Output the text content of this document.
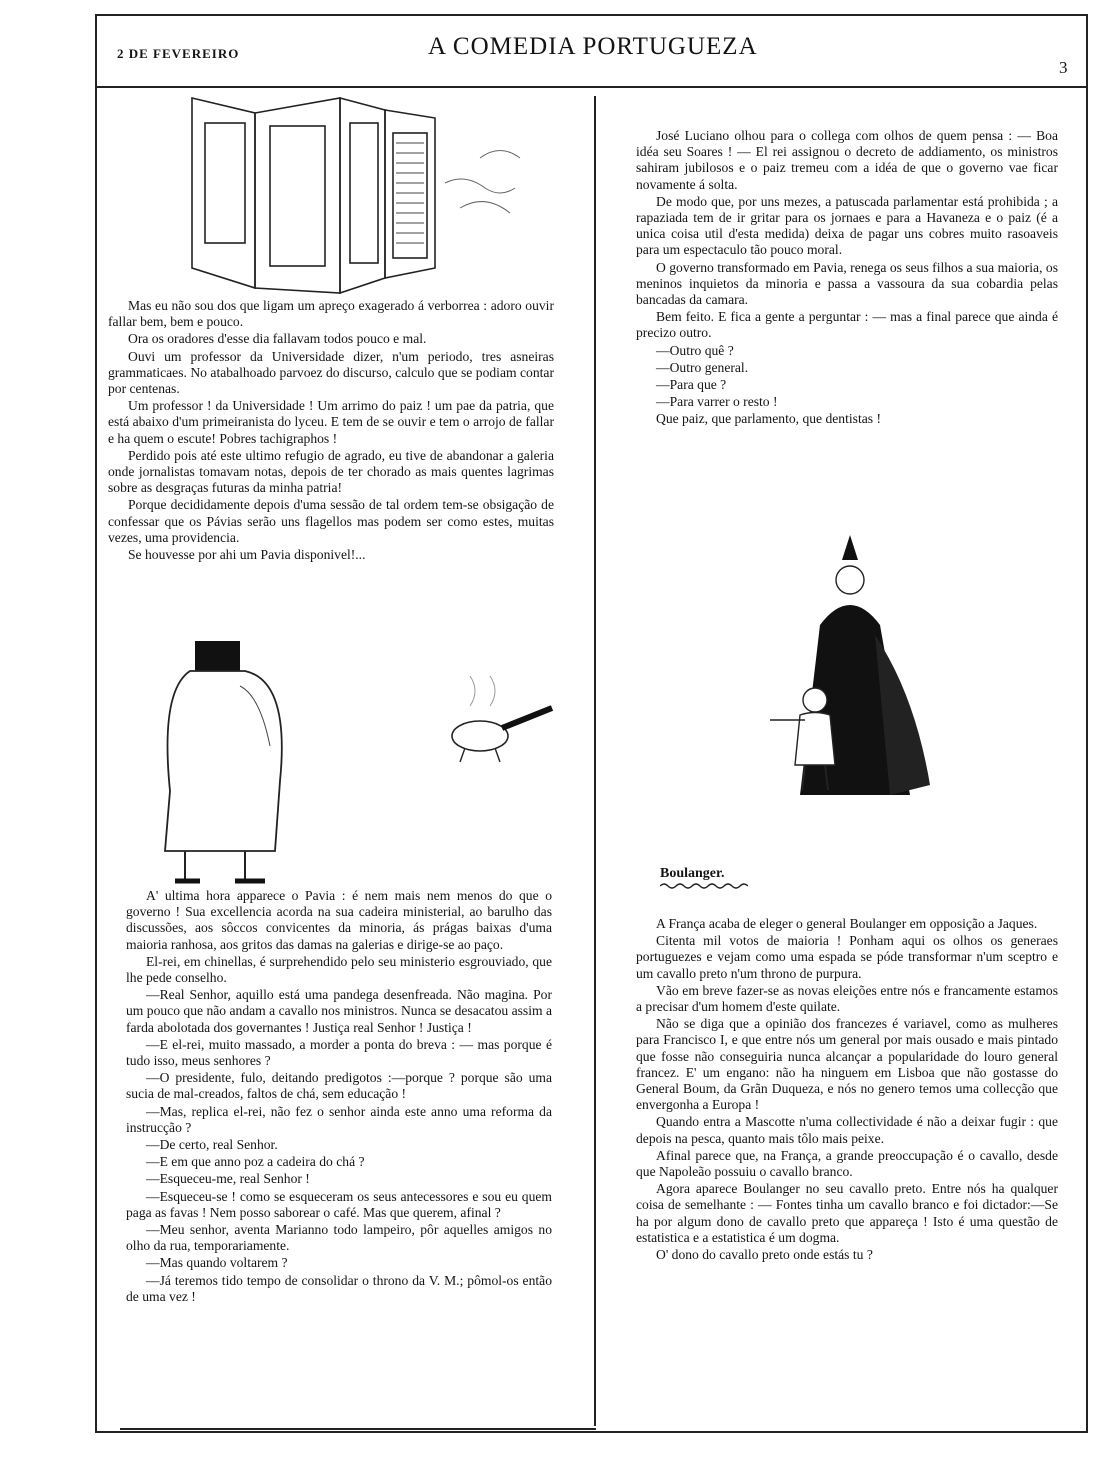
2 DE FEVEREIRO	A COMEDIA PORTUGUEZA
3

Mas eu não sou dos que ligam um apreço exagerado á verborrea : adoro ouvir fallar bem, bem e pouco.

Ora os oradores d'esse dia fallavam todos pouco e mal.

Ouvi um professor da Universidade dizer, n'um periodo, tres asneiras grammaticaes. No atabalhoado parvoez do discurso, calculo que se podiam contar por centenas.

Um professor ! da Universidade ! Um arrimo do paiz ! um pae da patria, que está abaixo d'um primeiranista do lyceu. E tem de se ouvir e tem o arrojo de fallar e ha quem o escute! Pobres tachigraphos !

Perdido pois até este ultimo refugio de agrado, eu tive de abandonar a galeria onde jornalistas tomavam notas, depois de ter chorado as mais quentes lagrimas sobre as desgraças futuras da minha patria!

Porque decididamente depois d'uma sessão de tal ordem tem-se obsigação de confessar que os Pávias serão uns flagellos mas podem ser como estes, muitas vezes, uma providencia.

Se houvesse por ahi um Pavia disponivel!...

A' ultima hora apparece o Pavia : é nem mais nem menos do que o governo ! Sua excellencia acorda na sua cadeira ministerial, ao barulho das discussões, aos sôccos convicentes da minoria, ás prágas baixas d'uma maioria ranhosa, aos gritos das damas na galerias e dirige-se ao paço.

El-rei, em chinellas, é surprehendido pelo seu ministerio esgrouviado, que lhe pede conselho.

—Real Senhor, aquillo está uma pandega desenfreada. Não magina. Por um pouco que não andam a cavallo nos ministros. Nunca se desacatou assim a farda abolotada dos governantes ! Justiça real Senhor ! Justiça !

—E el-rei, muito massado, a morder a ponta do breva : — mas porque é tudo isso, meus senhores ?

—O presidente, fulo, deitando predigotos :—porque ? porque são uma sucia de mal-creados, faltos de chá, sem educação !

—Mas, replica el-rei, não fez o senhor ainda este anno uma reforma da instrucção ?

—De certo, real Senhor.

—E em que anno poz a cadeira do chá ?

—Esqueceu-me, real Senhor !

—Esqueceu-se ! como se esqueceram os seus antecessores e sou eu quem paga as favas ! Nem posso saborear o café. Mas que querem, afinal ?

—Meu senhor, aventa Marianno todo lampeiro, pôr aquelles amigos no olho da rua, temporariamente.

—Mas quando voltarem ?

—Já teremos tido tempo de consolidar o throno da V. M.; pômol-os então de uma vez !

José Luciano olhou para o collega com olhos de quem pensa : — Boa idéa seu Soares ! — El rei assignou o decreto de addiamento, os ministros sahiram jubilosos e o paiz tremeu com a idéa de que o governo vae ficar novamente á solta.

De modo que, por uns mezes, a patuscada parlamentar está prohibida ; a rapaziada tem de ir gritar para os jornaes e para a Havaneza e o paiz (é a unica coisa util d'esta medida) deixa de pagar uns cobres muito rasoaveis para um espectaculo tão pouco moral.

O governo transformado em Pavia, renega os seus filhos a sua maioria, os meninos inquietos da minoria e passa a vassoura da sua cobardia pelas bancadas da camara.

Bem feito. E fica a gente a perguntar : — mas a final parece que ainda é precizo outro.

—Outro quê ?

—Outro general.

—Para que ?

—Para varrer o resto !

Que paiz, que parlamento, que dentistas !

Boulanger.

A França acaba de eleger o general Boulanger em opposição a Jaques.

Citenta mil votos de maioria ! Ponham aqui os olhos os generaes portuguezes e vejam como uma espada se póde transformar n'um sceptro e um cavallo preto n'um throno de purpura.

Vão em breve fazer-se as novas eleições entre nós e francamente estamos a precisar d'um homem d'este quilate.

Não se diga que a opinião dos francezes é variavel, como as mulheres para Francisco I, e que entre nós um general por mais ousado e mais pintado que fosse não conseguiria nunca alcançar a popularidade do louro general francez. E' um engano: não ha ninguem em Lisboa que não gostasse do General Boum, da Grãn Duqueza, e nós no genero temos uma collecção que envergonha a Europa !

Quando entra a Mascotte n'uma collectividade é não a deixar fugir : que depois na pesca, quanto mais tôlo mais peixe.

Afinal parece que, na França, a grande preoccupação é o cavallo, desde que Napoleão possuiu o cavallo branco.

Agora aparece Boulanger no seu cavallo preto. Entre nós ha qualquer coisa de semelhante : — Fontes tinha um cavallo branco e foi dictador:—Se ha por algum dono de cavallo preto que appareça ! Isto é uma questão de estatistica e a estatistica é um dogma.

O' dono do cavallo preto onde estás tu ?
